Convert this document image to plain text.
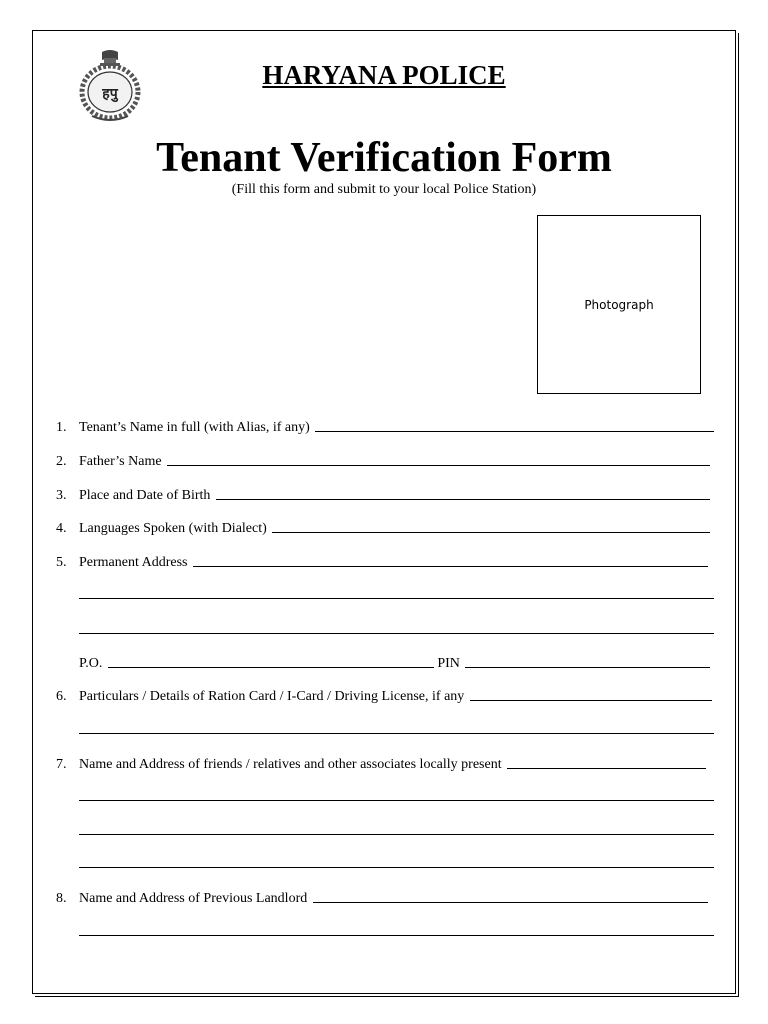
हपु
HARYANA POLICE
Tenant Verification Form
(Fill this form and submit to your local Police Station)
Photograph
1. Tenant’s Name in full (with Alias, if any)
2. Father’s Name
3. Place and Date of Birth
4. Languages Spoken (with Dialect)
5. Permanent Address
P.O.	PIN
6. Particulars / Details of Ration Card / I-Card / Driving License, if any
7. Name and Address of friends / relatives and other associates locally present
8. Name and Address of Previous Landlord
